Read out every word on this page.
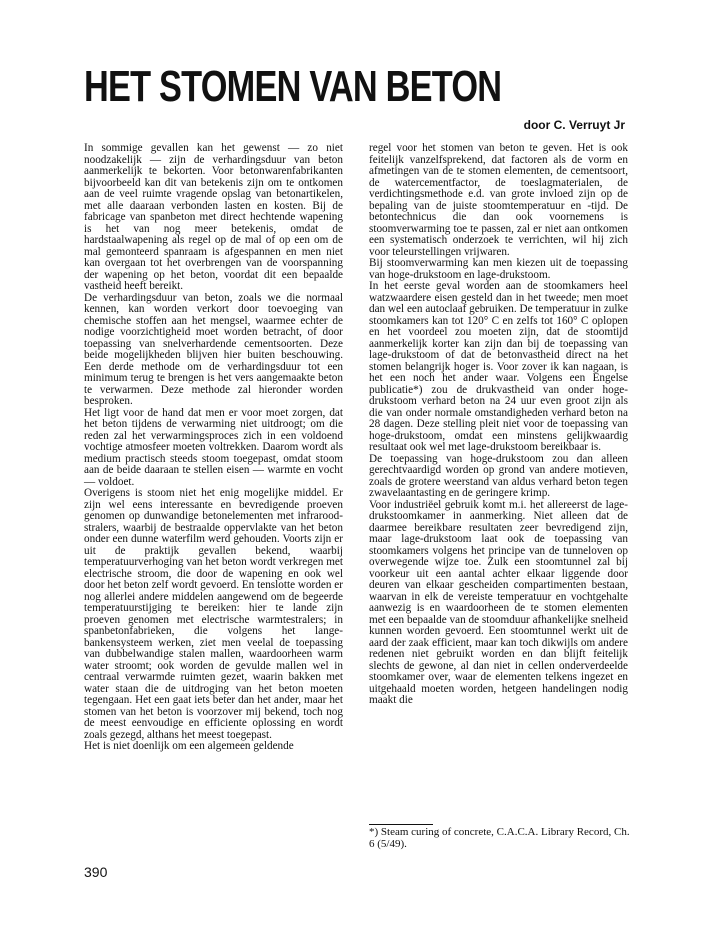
HET STOMEN VAN BETON
door C. Verruyt Jr

In sommige gevallen kan het gewenst — zo niet noodzakelijk — zijn de verhardingsduur van beton aanmerkelijk te bekorten. Voor betonwarenfabrikanten bijvoorbeeld kan dit van betekenis zijn om te ontkomen aan de veel ruimte vragende opslag van betonartikelen, met alle daaraan verbonden lasten en kosten. Bij de fabricage van spanbeton met direct hechtende wapening is het van nog meer betekenis, omdat de hardstaalwapening als regel op de mal of op een om de mal gemonteerd spanraam is afgespannen en men niet kan overgaan tot het overbrengen van de voorspanning der wapening op het beton, voordat dit een bepaalde vastheid heeft bereikt.

De verhardingsduur van beton, zoals we die normaal kennen, kan worden verkort door toevoeging van chemische stoffen aan het mengsel, waarmee echter de nodige voorzichtigheid moet worden betracht, of door toepassing van snelverhardende cementsoorten. Deze beide mogelijkheden blijven hier buiten beschouwing. Een derde methode om de verhardingsduur tot een minimum terug te brengen is het vers aangemaakte beton te verwarmen. Deze methode zal hieronder worden besproken.

Het ligt voor de hand dat men er voor moet zorgen, dat het beton tijdens de verwarming niet uitdroogt; om die reden zal het verwarmingsproces zich in een voldoend vochtige atmosfeer moeten voltrekken. Daarom wordt als medium practisch steeds stoom toegepast, omdat stoom aan de beide daaraan te stellen eisen — warmte en vocht — voldoet.

Overigens is stoom niet het enig mogelijke middel. Er zijn wel eens interessante en bevredigende proeven genomen op dunwandige betonelementen met infrarood-stralers, waarbij de bestraalde oppervlakte van het beton onder een dunne waterfilm werd gehouden. Voorts zijn er uit de praktijk gevallen bekend, waarbij temperatuurverhoging van het beton wordt verkregen met electrische stroom, die door de wapening en ook wel door het beton zelf wordt gevoerd. En tenslotte worden er nog allerlei andere middelen aangewend om de begeerde temperatuurstijging te bereiken: hier te lande zijn proeven genomen met electrische warmtestralers; in spanbetonfabrieken, die volgens het lange-bankensysteem werken, ziet men veelal de toepassing van dubbelwandige stalen mallen, waardoorheen warm water stroomt; ook worden de gevulde mallen wel in centraal verwarmde ruimten gezet, waarin bakken met water staan die de uitdroging van het beton moeten tegengaan. Het een gaat iets beter dan het ander, maar het stomen van het beton is voorzover mij bekend, toch nog de meest eenvoudige en efficiente oplossing en wordt zoals gezegd, althans het meest toegepast.

Het is niet doenlijk om een algemeen geldende

regel voor het stomen van beton te geven. Het is ook feitelijk vanzelfsprekend, dat factoren als de vorm en afmetingen van de te stomen elementen, de cementsoort, de watercementfactor, de toeslagmaterialen, de verdichtingsmethode e.d. van grote invloed zijn op de bepaling van de juiste stoomtemperatuur en -tijd. De betontechnicus die dan ook voornemens is stoomverwarming toe te passen, zal er niet aan ontkomen een systematisch onderzoek te verrichten, wil hij zich voor teleurstellingen vrijwaren.

Bij stoomverwarming kan men kiezen uit de toepassing van hoge-drukstoom en lage-drukstoom.

In het eerste geval worden aan de stoomkamers heel watzwaardere eisen gesteld dan in het tweede; men moet dan wel een autoclaaf gebruiken. De temperatuur in zulke stoomkamers kan tot 120° C en zelfs tot 160° C oplopen en het voordeel zou moeten zijn, dat de stoomtijd aanmerkelijk korter kan zijn dan bij de toepassing van lage-drukstoom of dat de betonvastheid direct na het stomen belangrijk hoger is. Voor zover ik kan nagaan, is het een noch het ander waar. Volgens een Engelse publicatie*) zou de drukvastheid van onder hoge-drukstoom verhard beton na 24 uur even groot zijn als die van onder normale omstandigheden verhard beton na 28 dagen. Deze stelling pleit niet voor de toepassing van hoge-drukstoom, omdat een minstens gelijkwaardig resultaat ook wel met lage-drukstoom bereikbaar is.

De toepassing van hoge-drukstoom zou dan alleen gerechtvaardigd worden op grond van andere motieven, zoals de grotere weerstand van aldus verhard beton tegen zwavelaantasting en de geringere krimp.

Voor industriëel gebruik komt m.i. het allereerst de lage-drukstoomkamer in aanmerking. Niet alleen dat de daarmee bereikbare resultaten zeer bevredigend zijn, maar lage-drukstoom laat ook de toepassing van stoomkamers volgens het principe van de tunneloven op overwegende wijze toe. Zulk een stoomtunnel zal bij voorkeur uit een aantal achter elkaar liggende door deuren van elkaar gescheiden compartimenten bestaan, waarvan in elk de vereiste temperatuur en vochtgehalte aanwezig is en waardoorheen de te stomen elementen met een bepaalde van de stoomduur afhankelijke snelheid kunnen worden gevoerd. Een stoomtunnel werkt uit de aard der zaak efficient, maar kan toch dikwijls om andere redenen niet gebruikt worden en dan blijft feitelijk slechts de gewone, al dan niet in cellen onderverdeelde stoomkamer over, waar de elementen telkens ingezet en uitgehaald moeten worden, hetgeen handelingen nodig maakt die

*) Steam curing of concrete, C.A.C.A. Library Record, Ch. 6 (5/49).
390
